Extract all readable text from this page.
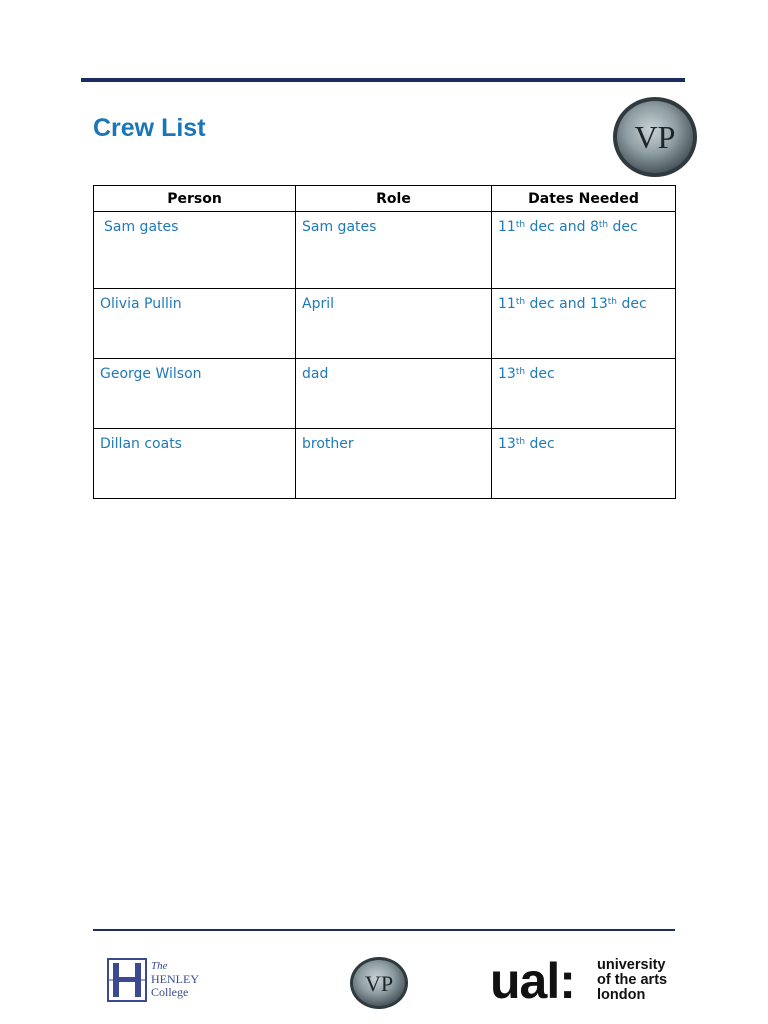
Crew List	VP
Person	Role	Dates Needed
Sam gates	Sam gates	11th dec and 8th dec
Olivia Pullin	April	11th dec and 13th dec
George Wilson	dad	13th dec
Dillan coats	brother	13th dec
The
HENLEY
College	VP ual: university
of the arts
london
